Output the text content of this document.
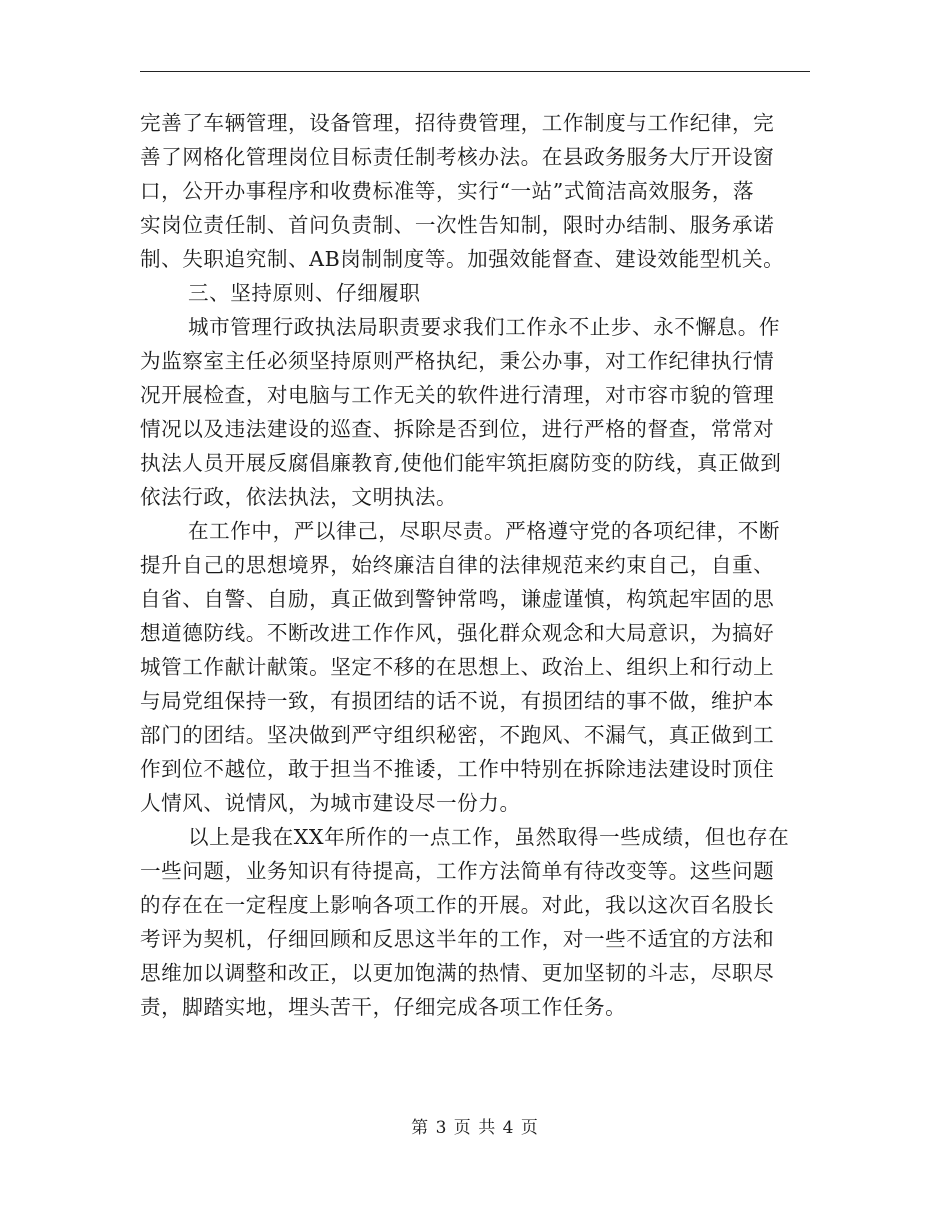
完善了车辆管理，设备管理，招待费管理，工作制度与工作纪律，完
善了网格化管理岗位目标责任制考核办法。在县政务服务大厅开设窗
口，公开办事程序和收费标准等，实行“一站”式简洁高效服务，落
实岗位责任制、首问负责制、一次性告知制，限时办结制、服务承诺
制、失职追究制、AB岗制制度等。加强效能督查、建设效能型机关。
三、坚持原则、仔细履职
城市管理行政执法局职责要求我们工作永不止步、永不懈息。作
为监察室主任必须坚持原则严格执纪，秉公办事，对工作纪律执行情
况开展检查，对电脑与工作无关的软件进行清理，对市容市貌的管理
情况以及违法建设的巡查、拆除是否到位，进行严格的督查，常常对
执法人员开展反腐倡廉教育,使他们能牢筑拒腐防变的防线，真正做到
依法行政，依法执法，文明执法。
在工作中，严以律己，尽职尽责。严格遵守党的各项纪律，不断
提升自己的思想境界，始终廉洁自律的法律规范来约束自己，自重、
自省、自警、自励，真正做到警钟常鸣，谦虚谨慎，构筑起牢固的思
想道德防线。不断改进工作作风，强化群众观念和大局意识，为搞好
城管工作献计献策。坚定不移的在思想上、政治上、组织上和行动上
与局党组保持一致，有损团结的话不说，有损团结的事不做，维护本
部门的团结。坚决做到严守组织秘密，不跑风、不漏气，真正做到工
作到位不越位，敢于担当不推诿，工作中特别在拆除违法建设时顶住
人情风、说情风，为城市建设尽一份力。
以上是我在XX年所作的一点工作，虽然取得一些成绩，但也存在
一些问题，业务知识有待提高，工作方法简单有待改变等。这些问题
的存在在一定程度上影响各项工作的开展。对此，我以这次百名股长
考评为契机，仔细回顾和反思这半年的工作，对一些不适宜的方法和
思维加以调整和改正，以更加饱满的热情、更加坚韧的斗志，尽职尽
责，脚踏实地，埋头苦干，仔细完成各项工作任务。
第 3 页 共 4 页
